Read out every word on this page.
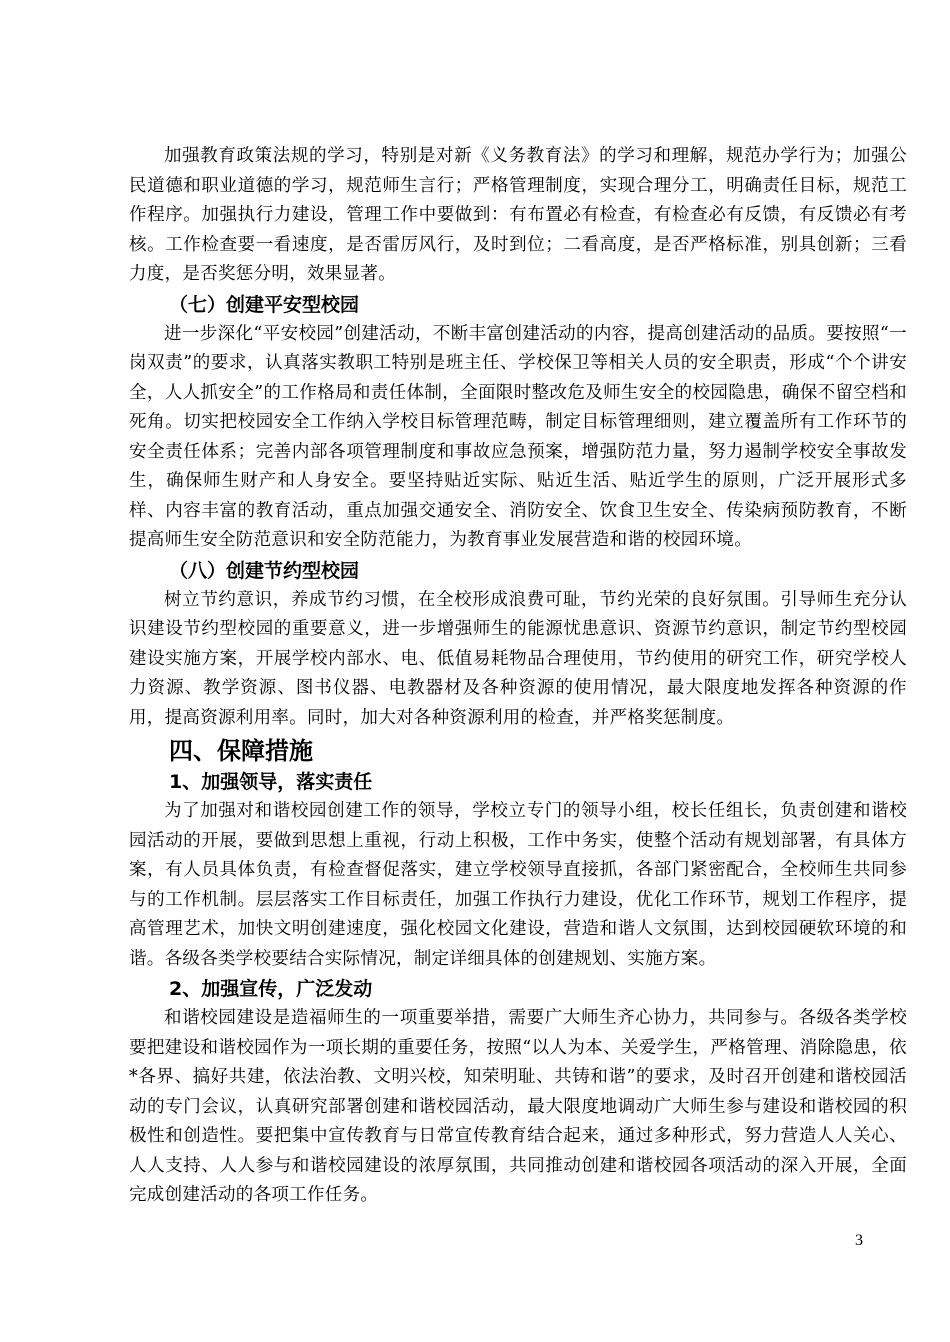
加强教育政策法规的学习，特别是对新《义务教育法》的学习和理解，规范办学行为；加强公民道德和职业道德的学习，规范师生言行；严格管理制度，实现合理分工，明确责任目标，规范工作程序。加强执行力建设，管理工作中要做到：有布置必有检查，有检查必有反馈，有反馈必有考核。工作检查要一看速度，是否雷厉风行，及时到位；二看高度，是否严格标准，别具创新；三看力度，是否奖惩分明，效果显著。

（七）创建平安型校园

进一步深化“平安校园”创建活动，不断丰富创建活动的内容，提高创建活动的品质。要按照“一岗双责”的要求，认真落实教职工特别是班主任、学校保卫等相关人员的安全职责，形成“个个讲安全，人人抓安全”的工作格局和责任体制，全面限时整改危及师生安全的校园隐患，确保不留空档和死角。切实把校园安全工作纳入学校目标管理范畴，制定目标管理细则，建立覆盖所有工作环节的安全责任体系；完善内部各项管理制度和事故应急预案，增强防范力量，努力遏制学校安全事故发生，确保师生财产和人身安全。要坚持贴近实际、贴近生活、贴近学生的原则，广泛开展形式多样、内容丰富的教育活动，重点加强交通安全、消防安全、饮食卫生安全、传染病预防教育，不断提高师生安全防范意识和安全防范能力，为教育事业发展营造和谐的校园环境。

（八）创建节约型校园

树立节约意识，养成节约习惯，在全校形成浪费可耻，节约光荣的良好氛围。引导师生充分认识建设节约型校园的重要意义，进一步增强师生的能源忧患意识、资源节约意识，制定节约型校园建设实施方案，开展学校内部水、电、低值易耗物品合理使用，节约使用的研究工作，研究学校人力资源、教学资源、图书仪器、电教器材及各种资源的使用情况，最大限度地发挥各种资源的作用，提高资源利用率。同时，加大对各种资源利用的检查，并严格奖惩制度。

四、保障措施
1、加强领导，落实责任

为了加强对和谐校园创建工作的领导，学校立专门的领导小组，校长任组长，负责创建和谐校园活动的开展，要做到思想上重视，行动上积极，工作中务实，使整个活动有规划部署，有具体方案，有人员具体负责，有检查督促落实，建立学校领导直接抓，各部门紧密配合，全校师生共同参与的工作机制。层层落实工作目标责任，加强工作执行力建设，优化工作环节，规划工作程序，提高管理艺术，加快文明创建速度，强化校园文化建设，营造和谐人文氛围，达到校园硬软环境的和谐。各级各类学校要结合实际情况，制定详细具体的创建规划、实施方案。

2、加强宣传，广泛发动

和谐校园建设是造福师生的一项重要举措，需要广大师生齐心协力，共同参与。各级各类学校要把建设和谐校园作为一项长期的重要任务，按照“以人为本、关爱学生，严格管理、消除隐患，依*各界、搞好共建，依法治教、文明兴校，知荣明耻、共铸和谐”的要求，及时召开创建和谐校园活动的专门会议，认真研究部署创建和谐校园活动，最大限度地调动广大师生参与建设和谐校园的积极性和创造性。要把集中宣传教育与日常宣传教育结合起来，通过多种形式，努力营造人人关心、人人支持、人人参与和谐校园建设的浓厚氛围，共同推动创建和谐校园各项活动的深入开展，全面完成创建活动的各项工作任务。

3
